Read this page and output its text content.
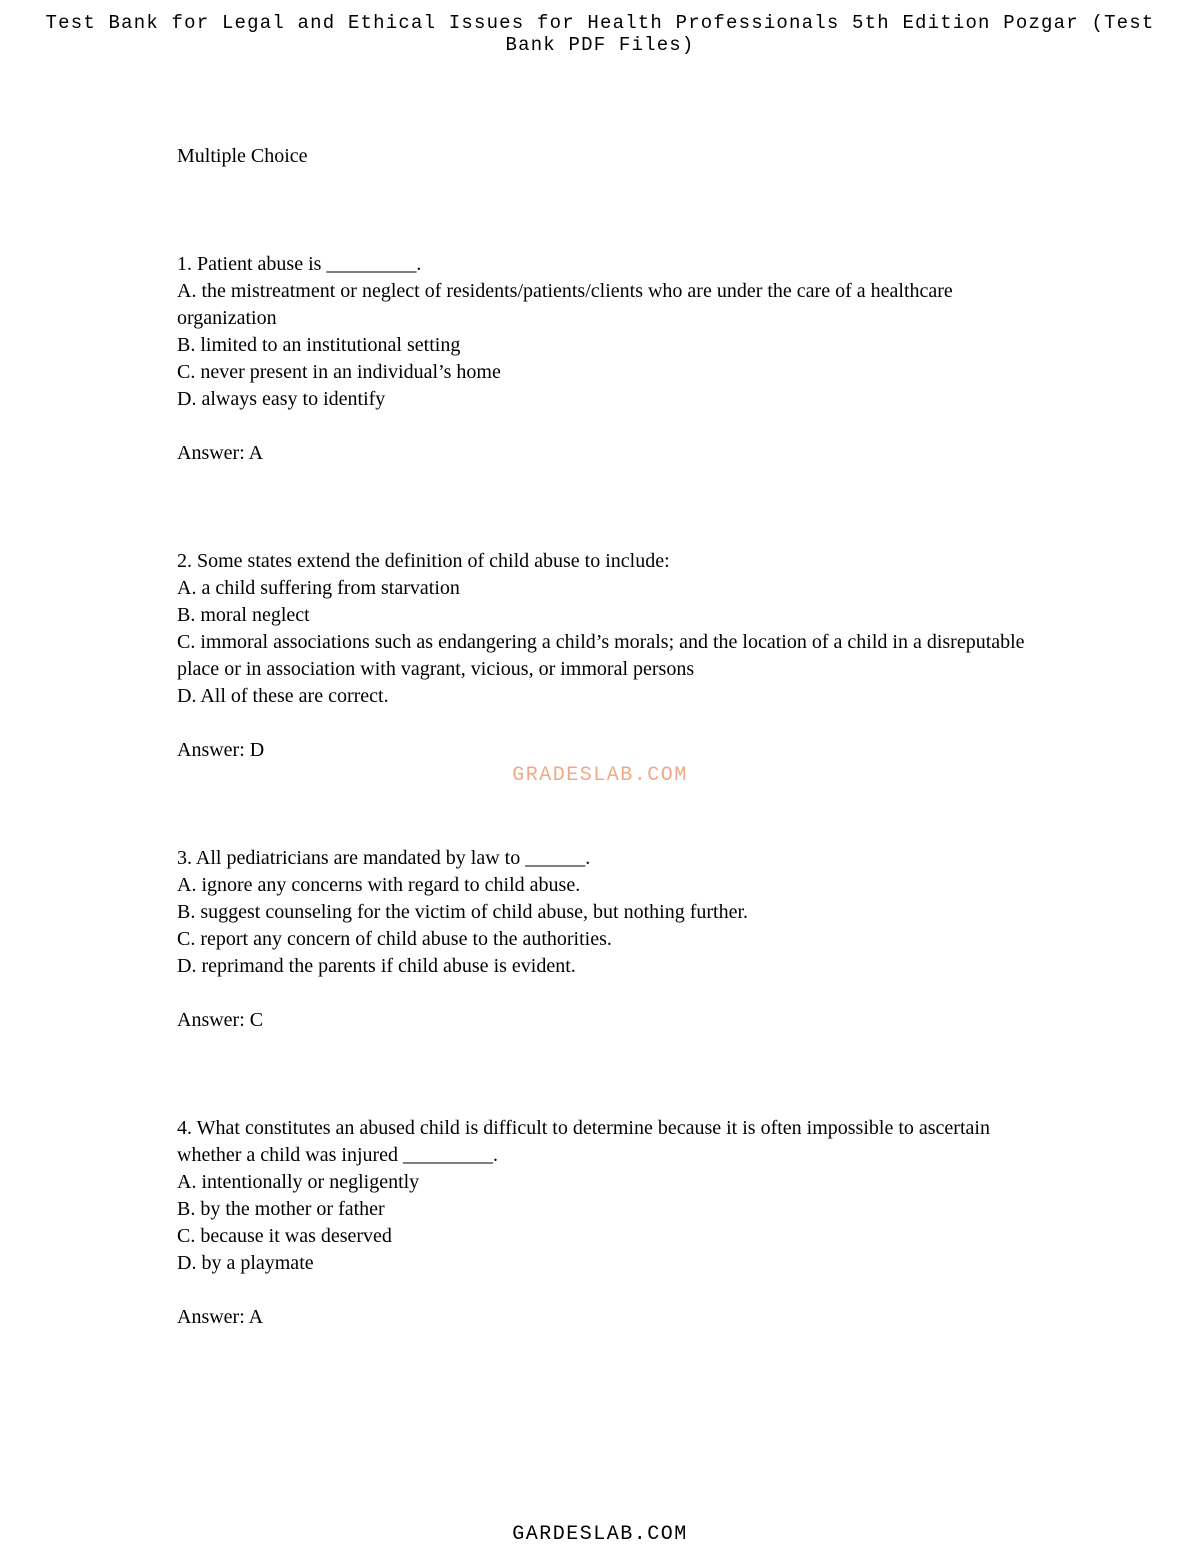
Test Bank for Legal and Ethical Issues for Health Professionals 5th Edition Pozgar (Test Bank PDF Files)

Multiple Choice

1. Patient abuse is _________.

A. the mistreatment or neglect of residents/patients/clients who are under the care of a healthcare organization

B. limited to an institutional setting

C. never present in an individual’s home

D. always easy to identify

Answer: A

2. Some states extend the definition of child abuse to include:

A. a child suffering from starvation

B. moral neglect

C. immoral associations such as endangering a child’s morals; and the location of a child in a disreputable place or in association with vagrant, vicious, or immoral persons

D. All of these are correct.

Answer: D

3. All pediatricians are mandated by law to ______.

A. ignore any concerns with regard to child abuse.

B. suggest counseling for the victim of child abuse, but nothing further.

C. report any concern of child abuse to the authorities.

D. reprimand the parents if child abuse is evident.

Answer: C

4. What constitutes an abused child is difficult to determine because it is often impossible to ascertain whether a child was injured _________.

A. intentionally or negligently

B. by the mother or father

C. because it was deserved

D. by a playmate

Answer: A

GRADESLAB.COM
GARDESLAB.COM
